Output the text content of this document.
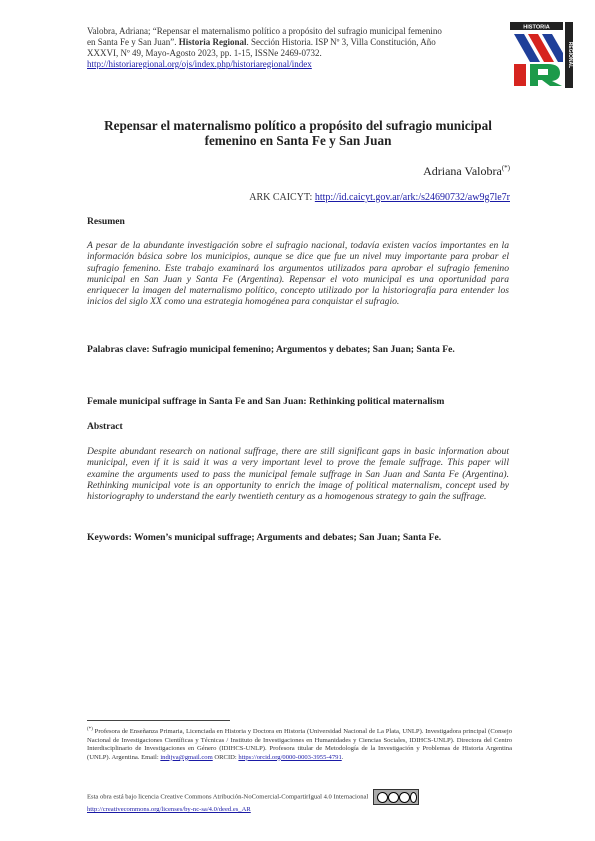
Valobra, Adriana; “Repensar el maternalismo político a propósito del sufragio municipal femenino en Santa Fe y San Juan”. Historia Regional. Sección Historia. ISP Nº 3, Villa Constitución, Año XXXVI, Nº 49, Mayo-Agosto 2023, pp. 1-15, ISSNe 2469-0732.
http://historiaregional.org/ojs/index.php/historiaregional/index
HISTORIA
REGIONAL
Repensar el maternalismo político a propósito del sufragio municipal femenino en Santa Fe y San Juan
Adriana Valobra(*)
ARK CAICYT: http://id.caicyt.gov.ar/ark:/s24690732/aw9g7le7r
Resumen
A pesar de la abundante investigación sobre el sufragio nacional, todavía existen vacíos importantes en la información básica sobre los municipios, aunque se dice que fue un nivel muy importante para probar el sufragio femenino. Este trabajo examinará los argumentos utilizados para aprobar el sufragio femenino municipal en San Juan y Santa Fe (Argentina). Repensar el voto municipal es una oportunidad para enriquecer la imagen del maternalismo político, concepto utilizado por la historiografía para entender los inicios del siglo XX como una estrategia homogénea para conquistar el sufragio.
Palabras clave: Sufragio municipal femenino; Argumentos y debates; San Juan; Santa Fe.
Female municipal suffrage in Santa Fe and San Juan: Rethinking political maternalism
Abstract
Despite abundant research on national suffrage, there are still significant gaps in basic information about municipal, even if it is said it was a very important level to prove the female suffrage. This paper will examine the arguments used to pass the municipal female suffrage in San Juan and Santa Fe (Argentina). Rethinking municipal vote is an opportunity to enrich the image of political maternalism, concept used by historiography to understand the early twentieth century as a homogenous strategy to gain the suffrage.
Keywords: Women’s municipal suffrage; Arguments and debates; San Juan; Santa Fe.
(*) Profesora de Enseñanza Primaria, Licenciada en Historia y Doctora en Historia (Universidad Nacional de La Plata, UNLP). Investigadora principal (Consejo Nacional de Investigaciones Científicas y Técnicas / Instituto de Investigaciones en Humanidades y Ciencias Sociales, IDIHCS-UNLP). Directora del Centro Interdisciplinario de Investigaciones en Género (IDIHCS-UNLP). Profesora titular de Metodología de la Investigación y Problemas de Historia Argentina (UNLP). Argentina. Email: indijva@gmail.com ORCID: https://orcid.org/0000-0003-3955-4791.
Esta obra está bajo licencia Creative Commons Atribución-NoComercial-CompartirIgual 4.0 Internacional

http://creativecommons.org/licenses/by-nc-sa/4.0/deed.es_AR
